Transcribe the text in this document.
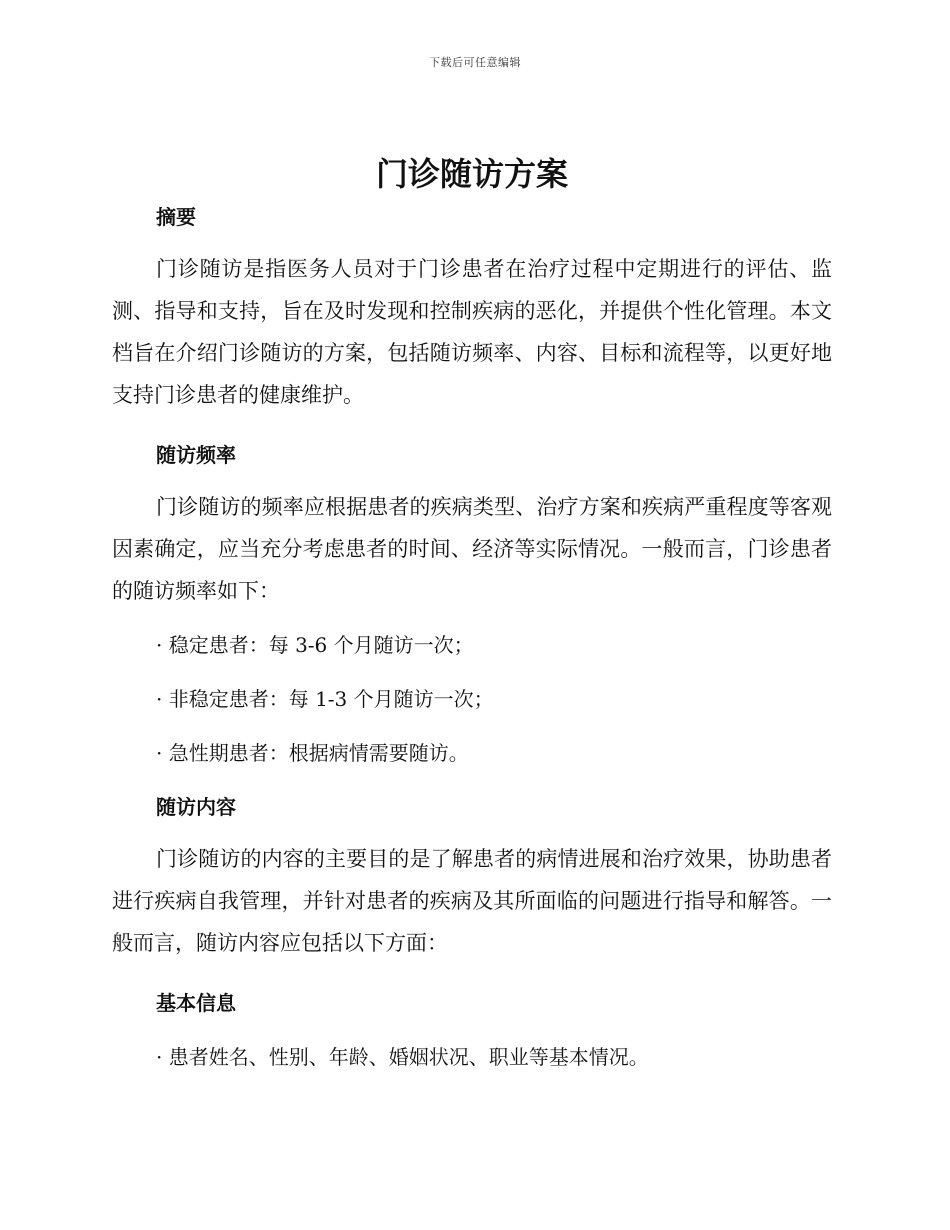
下载后可任意编辑
门诊随访方案
摘要

门诊随访是指医务人员对于门诊患者在治疗过程中定期进行的评估、监测、指导和支持，旨在及时发现和控制疾病的恶化，并提供个性化管理。本文档旨在介绍门诊随访的方案，包括随访频率、内容、目标和流程等，以更好地支持门诊患者的健康维护。

随访频率

门诊随访的频率应根据患者的疾病类型、治疗方案和疾病严重程度等客观因素确定，应当充分考虑患者的时间、经济等实际情况。一般而言，门诊患者的随访频率如下：

· 稳定患者：每 3-6 个月随访一次；
· 非稳定患者：每 1-3 个月随访一次；
· 急性期患者：根据病情需要随访。
随访内容

门诊随访的内容的主要目的是了解患者的病情进展和治疗效果，协助患者进行疾病自我管理，并针对患者的疾病及其所面临的问题进行指导和解答。一般而言，随访内容应包括以下方面：

基本信息
· 患者姓名、性别、年龄、婚姻状况、职业等基本情况。
